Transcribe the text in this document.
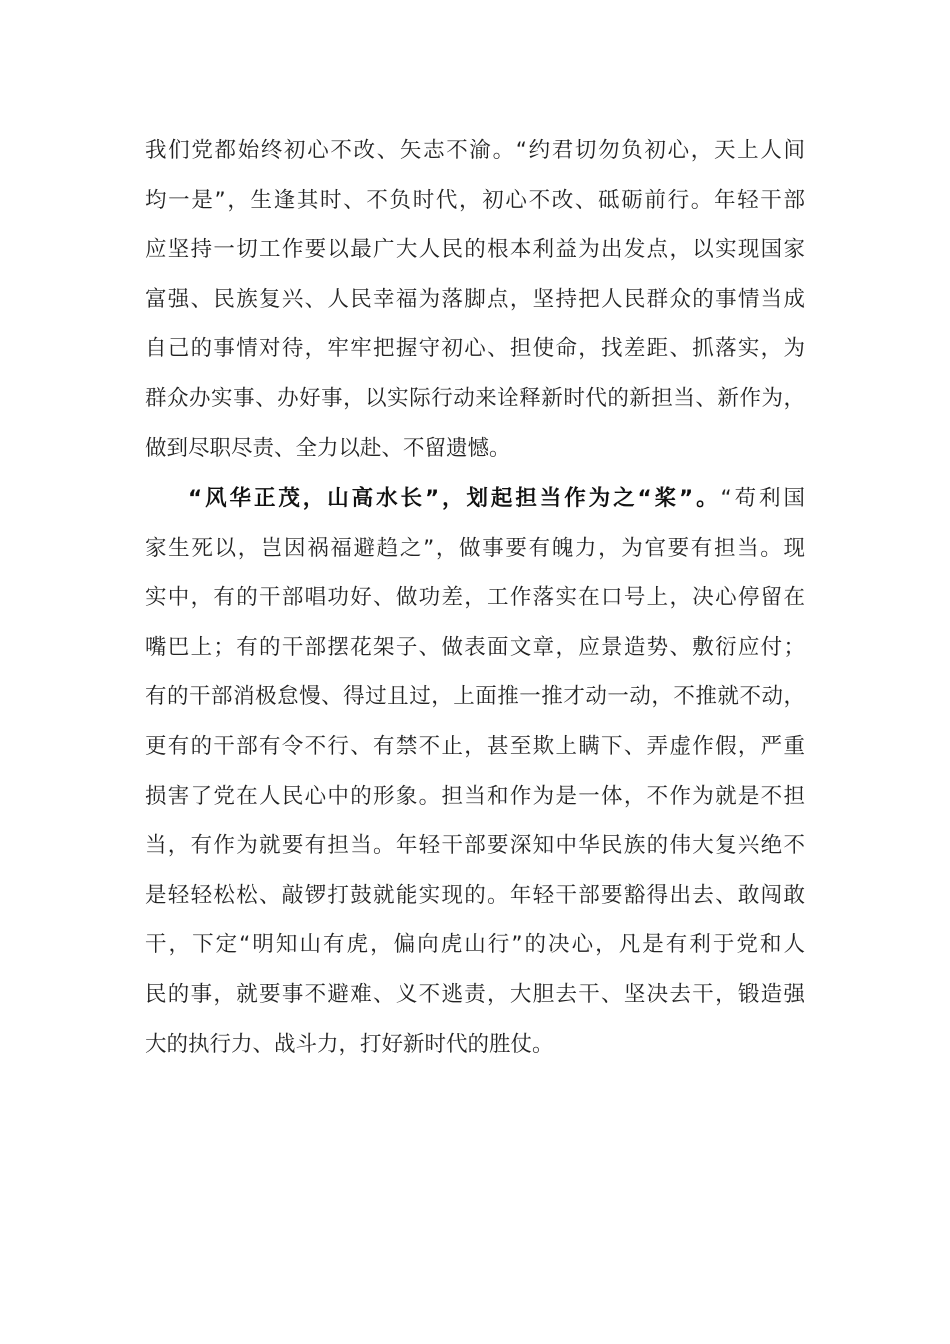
我们党都始终初心不改、矢志不渝。“约君切勿负初心，天上人间
均一是”，生逢其时、不负时代，初心不改、砥砺前行。年轻干部
应坚持一切工作要以最广大人民的根本利益为出发点，以实现国家
富强、民族复兴、人民幸福为落脚点，坚持把人民群众的事情当成
自己的事情对待，牢牢把握守初心、担使命，找差距、抓落实，为
群众办实事、办好事，以实际行动来诠释新时代的新担当、新作为，
做到尽职尽责、全力以赴、不留遗憾。
“风华正茂，山高水长”，划起担当作为之“桨”。“苟利国
家生死以，岂因祸福避趋之”，做事要有魄力，为官要有担当。现
实中，有的干部唱功好、做功差，工作落实在口号上，决心停留在
嘴巴上；有的干部摆花架子、做表面文章，应景造势、敷衍应付；
有的干部消极怠慢、得过且过，上面推一推才动一动，不推就不动，
更有的干部有令不行、有禁不止，甚至欺上瞒下、弄虚作假，严重
损害了党在人民心中的形象。担当和作为是一体，不作为就是不担
当，有作为就要有担当。年轻干部要深知中华民族的伟大复兴绝不
是轻轻松松、敲锣打鼓就能实现的。年轻干部要豁得出去、敢闯敢
干，下定“明知山有虎，偏向虎山行”的决心，凡是有利于党和人
民的事，就要事不避难、义不逃责，大胆去干、坚决去干，锻造强
大的执行力、战斗力，打好新时代的胜仗。
